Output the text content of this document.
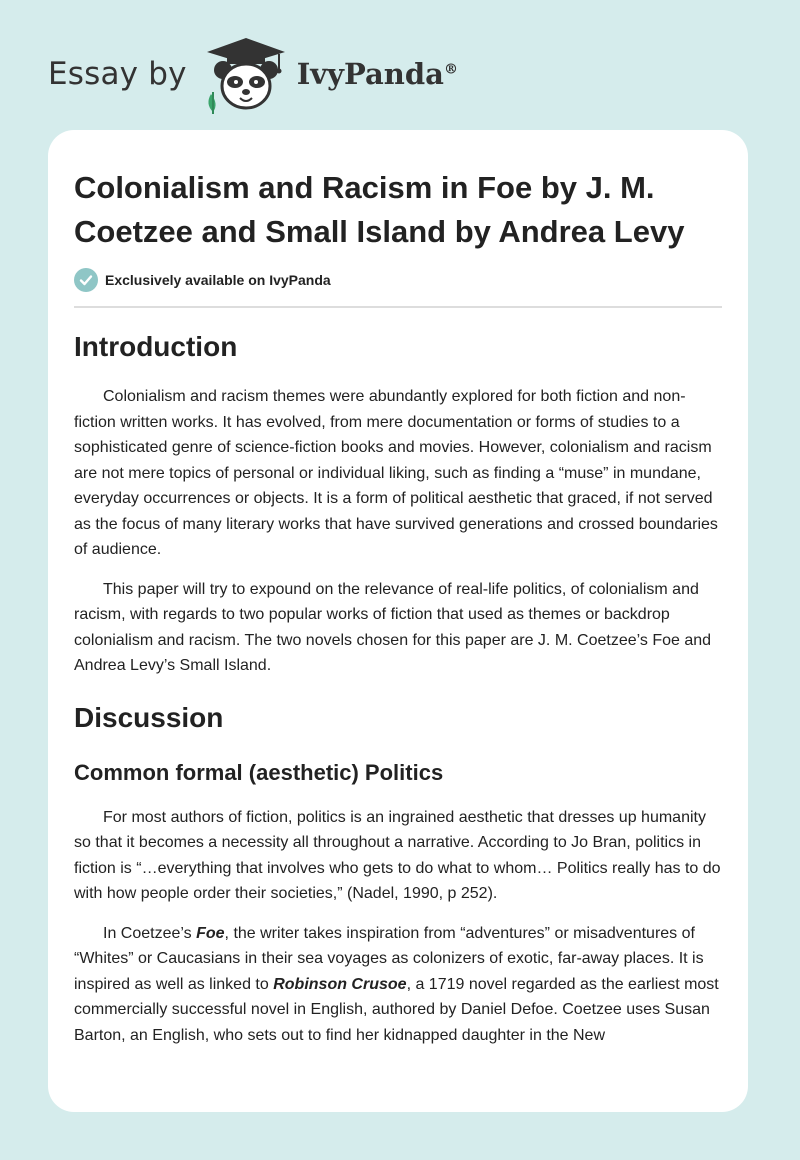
Essay by	IvyPanda®
Colonialism and Racism in Foe by J. M. Coetzee and Small Island by Andrea Levy
Exclusively available on IvyPanda
Introduction

Colonialism and racism themes were abundantly explored for both fiction and non-fiction written works. It has evolved, from mere documentation or forms of studies to a sophisticated genre of science-fiction books and movies. However, colonialism and racism are not mere topics of personal or individual liking, such as finding a “muse” in mundane, everyday occurrences or objects. It is a form of political aesthetic that graced, if not served as the focus of many literary works that have survived generations and crossed boundaries of audience.

This paper will try to expound on the relevance of real-life politics, of colonialism and racism, with regards to two popular works of fiction that used as themes or backdrop colonialism and racism. The two novels chosen for this paper are J. M. Coetzee’s Foe and Andrea Levy’s Small Island.

Discussion
Common formal (aesthetic) Politics

For most authors of fiction, politics is an ingrained aesthetic that dresses up humanity so that it becomes a necessity all throughout a narrative. According to Jo Bran, politics in fiction is “…everything that involves who gets to do what to whom… Politics really has to do with how people order their societies,” (Nadel, 1990, p 252).

In Coetzee’s Foe, the writer takes inspiration from “adventures” or misadventures of “Whites” or Caucasians in their sea voyages as colonizers of exotic, far-away places. It is inspired as well as linked to Robinson Crusoe, a 1719 novel regarded as the earliest most commercially successful novel in English, authored by Daniel Defoe. Coetzee uses Susan Barton, an English, who sets out to find her kidnapped daughter in the New
